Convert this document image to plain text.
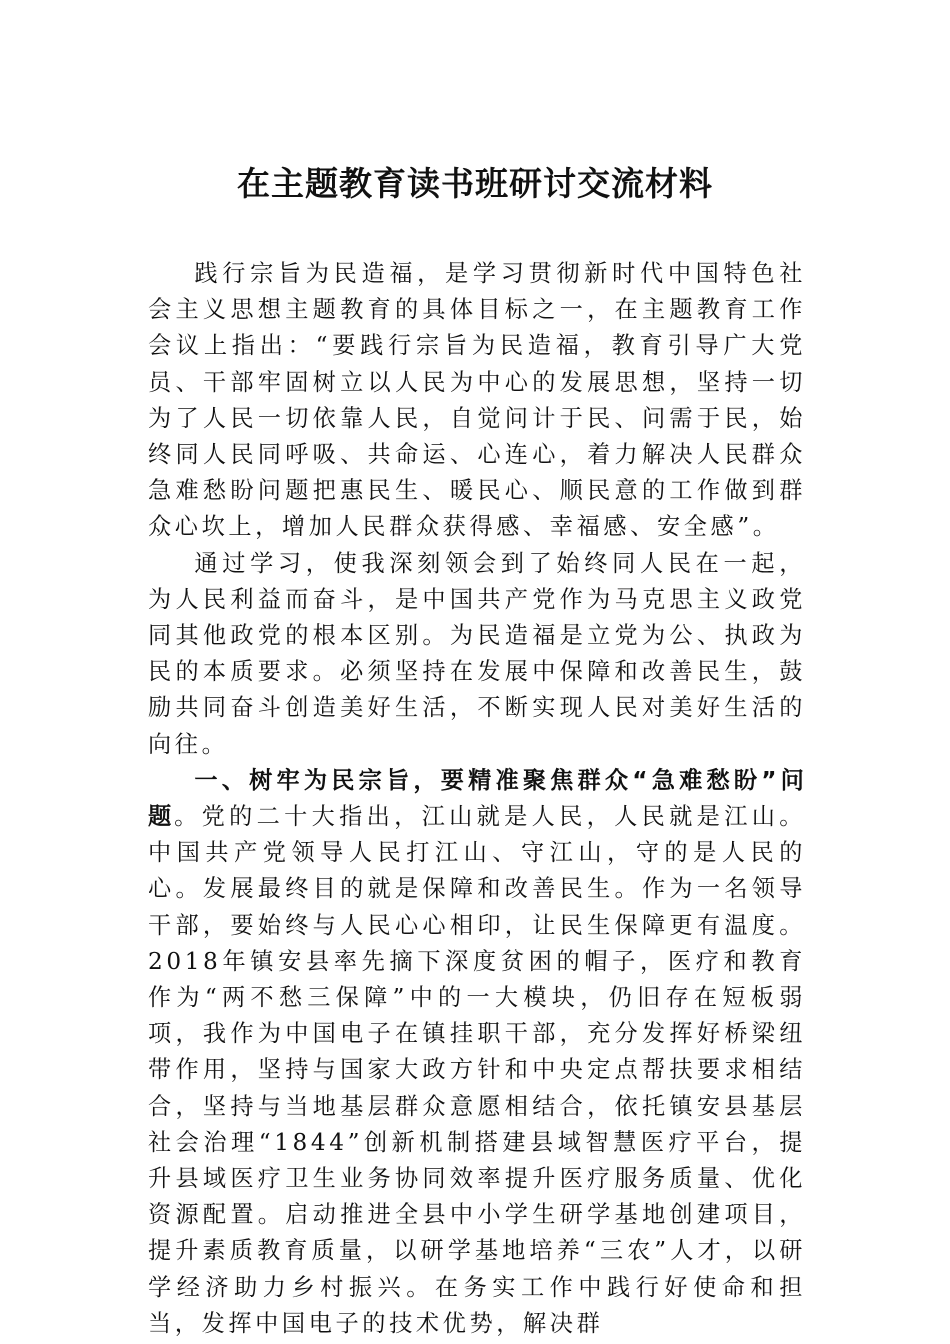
在主题教育读书班研讨交流材料

践行宗旨为民造福，是学习贯彻新时代中国特色社会主义思想主题教育的具体目标之一，在主题教育工作会议上指出：“要践行宗旨为民造福，教育引导广大党员、干部牢固树立以人民为中心的发展思想，坚持一切为了人民一切依靠人民，自觉问计于民、问需于民，始终同人民同呼吸、共命运、心连心，着力解决人民群众急难愁盼问题把惠民生、暖民心、顺民意的工作做到群众心坎上，增加人民群众获得感、幸福感、安全感”。

通过学习，使我深刻领会到了始终同人民在一起，为人民利益而奋斗，是中国共产党作为马克思主义政党同其他政党的根本区别。为民造福是立党为公、执政为民的本质要求。必须坚持在发展中保障和改善民生，鼓励共同奋斗创造美好生活，不断实现人民对美好生活的向往。

一、树牢为民宗旨，要精准聚焦群众“急难愁盼”问题。党的二十大指出，江山就是人民，人民就是江山。中国共产党领导人民打江山、守江山，守的是人民的心。发展最终目的就是保障和改善民生。作为一名领导干部，要始终与人民心心相印，让民生保障更有温度。2018年镇安县率先摘下深度贫困的帽子，医疗和教育作为“两不愁三保障”中的一大模块，仍旧存在短板弱项，我作为中国电子在镇挂职干部，充分发挥好桥梁纽带作用，坚持与国家大政方针和中央定点帮扶要求相结合，坚持与当地基层群众意愿相结合，依托镇安县基层社会治理“1844”创新机制搭建县域智慧医疗平台，提升县域医疗卫生业务协同效率提升医疗服务质量、优化资源配置。启动推进全县中小学生研学基地创建项目，提升素质教育质量，以研学基地培养“三农”人才，以研学经济助力乡村振兴。在务实工作中践行好使命和担当，发挥中国电子的技术优势，解决群
